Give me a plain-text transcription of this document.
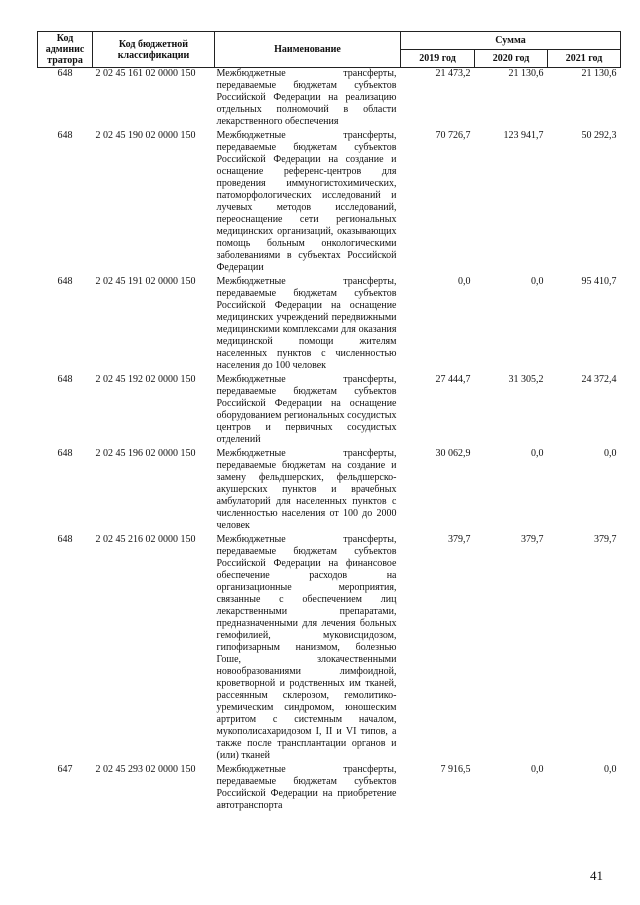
Код админис тратора	Код бюджетной классификации	Наименование	Сумма		
			2019 год	2020 год	2021 год
648	2 02 45 161 02 0000 150	Межбюджетные трансферты, передаваемые бюджетам субъектов Российской Федерации на реализацию отдельных полномочий в области лекарственного обеспечения	21 473,2	21 130,6	21 130,6
648	2 02 45 190 02 0000 150	Межбюджетные трансферты, передаваемые бюджетам субъектов Российской Федерации на создание и оснащение референс-центров для проведения иммуногистохимических, патоморфологических исследований и лучевых методов исследований, переоснащение сети региональных медицинских организаций, оказывающих помощь больным онкологическими заболеваниями в субъектах Российской Федерации	70 726,7	123 941,7	50 292,3
648	2 02 45 191 02 0000 150	Межбюджетные трансферты, передаваемые бюджетам субъектов Российской Федерации на оснащение медицинских учреждений передвижными медицинскими комплексами для оказания медицинской помощи жителям населенных пунктов с численностью населения до 100 человек	0,0	0,0	95 410,7
648	2 02 45 192 02 0000 150	Межбюджетные трансферты, передаваемые бюджетам субъектов Российской Федерации на оснащение оборудованием региональных сосудистых центров и первичных сосудистых отделений	27 444,7	31 305,2	24 372,4
648	2 02 45 196 02 0000 150	Межбюджетные трансферты, передаваемые бюджетам на создание и замену фельдшерских, фельдшерско-акушерских пунктов и врачебных амбулаторий для населенных пунктов с численностью населения от 100 до 2000 человек	30 062,9	0,0	0,0
648	2 02 45 216 02 0000 150	Межбюджетные трансферты, передаваемые бюджетам субъектов Российской Федерации на финансовое обеспечение расходов на организационные мероприятия, связанные с обеспечением лиц лекарственными препаратами, предназначенными для лечения больных гемофилией, муковисцидозом, гипофизарным нанизмом, болезнью Гоше, злокачественными новообразованиями лимфоидной, кроветворной и родственных им тканей, рассеянным склерозом, гемолитико-уремическим синдромом, юношеским артритом с системным началом, мукополисахаридозом I, II и VI типов, а также после трансплантации органов и (или) тканей	379,7	379,7	379,7
647	2 02 45 293 02 0000 150	Межбюджетные трансферты, передаваемые бюджетам субъектов Российской Федерации на приобретение автотранспорта	7 916,5	0,0	0,0
41
